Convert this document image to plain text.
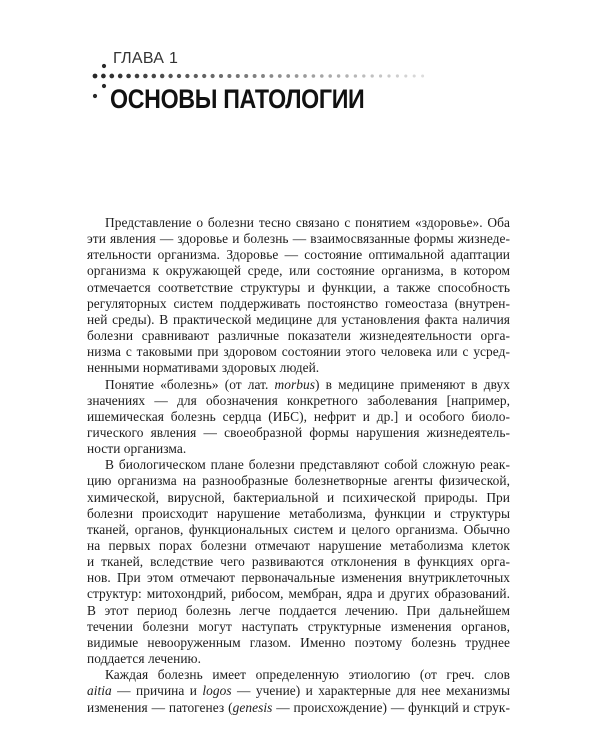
ГЛАВА 1
ОСНОВЫ ПАТОЛОГИИ
Представление о болезни тесно связано с понятием «здоровье». Оба
эти явления — здоровье и болезнь — взаимосвязанные формы жизнеде-
ятельности организма. Здоровье — состояние оптимальной адаптации
организма к окружающей среде, или состояние организма, в котором
отмечается соответствие структуры и функции, а также способность
регуляторных систем поддерживать постоянство гомеостаза (внутрен-
ней среды). В практической медицине для установления факта наличия
болезни сравнивают различные показатели жизнедеятельности орга-
низма с таковыми при здоровом состоянии этого человека или с усред-
ненными нормативами здоровых людей.
Понятие «болезнь» (от лат. morbus) в медицине применяют в двух
значениях — для обозначения конкретного заболевания [например,
ишемическая болезнь сердца (ИБС), нефрит и др.] и особого биоло-
гического явления — своеобразной формы нарушения жизнедеятель-
ности организма.
В биологическом плане болезни представляют собой сложную реак-
цию организма на разнообразные болезнетворные агенты физической,
химической, вирусной, бактериальной и психической природы. При
болезни происходит нарушение метаболизма, функции и структуры
тканей, органов, функциональных систем и целого организма. Обычно
на первых порах болезни отмечают нарушение метаболизма клеток
и тканей, вследствие чего развиваются отклонения в функциях орга-
нов. При этом отмечают первоначальные изменения внутриклеточных
структур: митохондрий, рибосом, мембран, ядра и других образований.
В этот период болезнь легче поддается лечению. При дальнейшем
течении болезни могут наступать структурные изменения органов,
видимые невооруженным глазом. Именно поэтому болезнь труднее
поддается лечению.
Каждая болезнь имеет определенную этиологию (от греч. слов
aitia — причина и logos — учение) и характерные для нее механизмы
изменения — патогенез (genesis — происхождение) — функций и струк-
